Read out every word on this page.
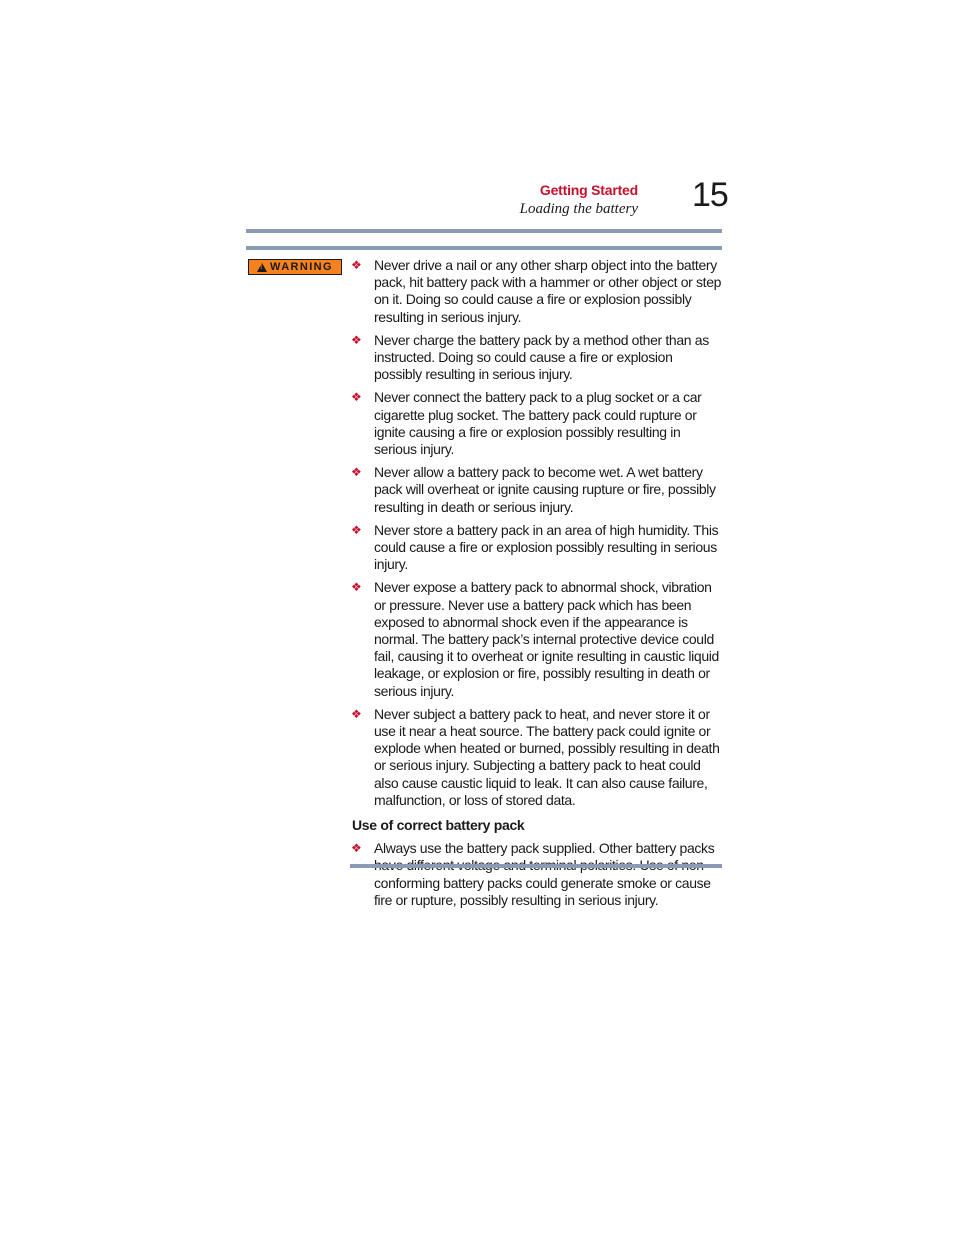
Getting Started
Loading the battery 15
!
WARNING ❖ Never drive a nail or any other sharp object into the battery pack, hit battery pack with a hammer or other object or step on it. Doing so could cause a fire or explosion possibly resulting in serious injury.
❖ Never charge the battery pack by a method other than as instructed. Doing so could cause a fire or explosion possibly resulting in serious injury.
❖ Never connect the battery pack to a plug socket or a car cigarette plug socket. The battery pack could rupture or ignite causing a fire or explosion possibly resulting in serious injury.
❖ Never allow a battery pack to become wet. A wet battery pack will overheat or ignite causing rupture or fire, possibly resulting in death or serious injury.
❖ Never store a battery pack in an area of high humidity. This could cause a fire or explosion possibly resulting in serious injury.
❖ Never expose a battery pack to abnormal shock, vibration or pressure. Never use a battery pack which has been exposed to abnormal shock even if the appearance is normal. The battery pack’s internal protective device could fail, causing it to overheat or ignite resulting in caustic liquid leakage, or explosion or fire, possibly resulting in death or serious injury.
❖ Never subject a battery pack to heat, and never store it or use it near a heat source. The battery pack could ignite or explode when heated or burned, possibly resulting in death or serious injury. Subjecting a battery pack to heat could also cause caustic liquid to leak. It can also cause failure, malfunction, or loss of stored data.
Use of correct battery pack
❖ Always use the battery pack supplied. Other battery packs conforming battery packs could generate smoke or cause fire or rupture, possibly resulting in serious injury.
